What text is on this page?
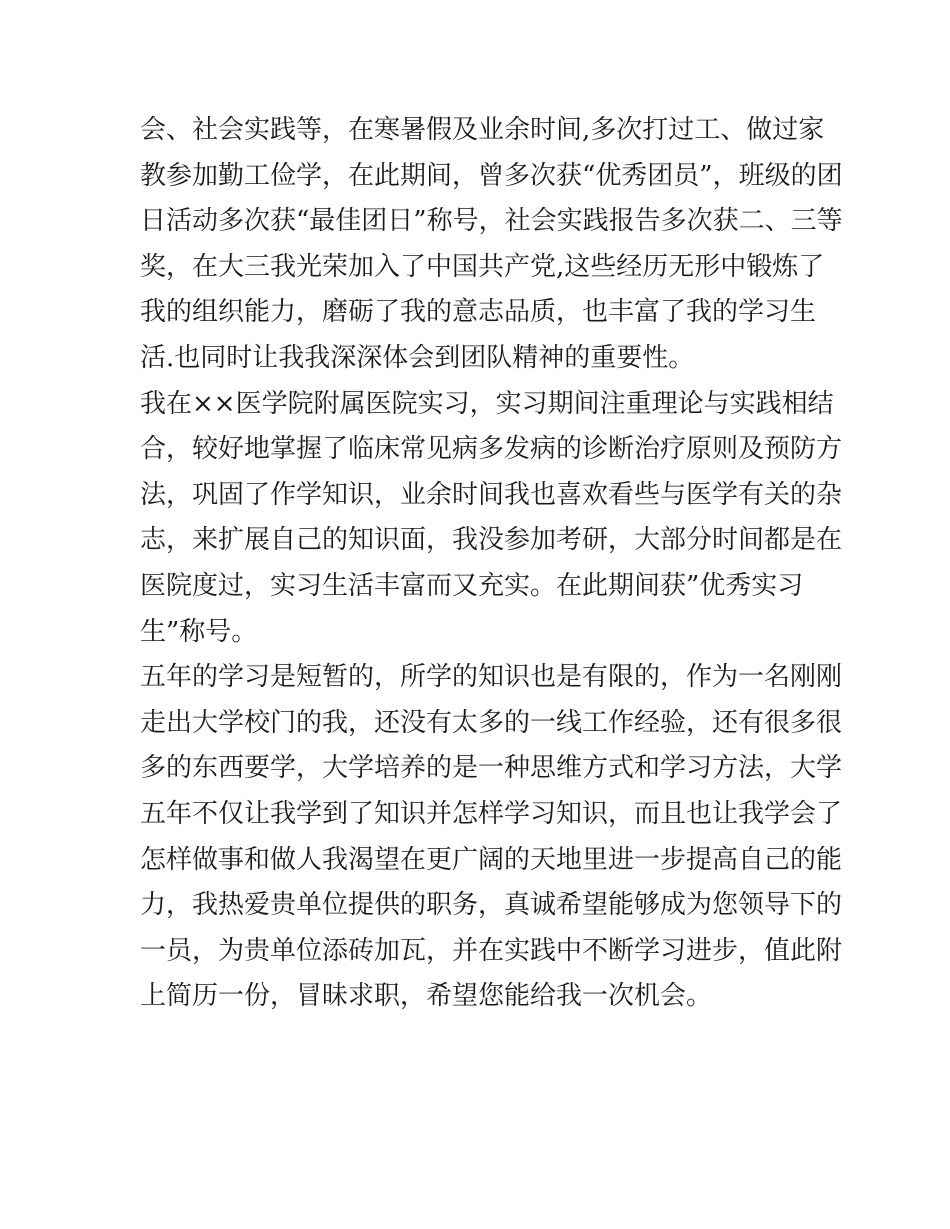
会、社会实践等，在寒暑假及业余时间,多次打过工、做过家
教参加勤工俭学，在此期间，曾多次获“优秀团员”，班级的团
日活动多次获“最佳团日”称号，社会实践报告多次获二、三等
奖，在大三我光荣加入了中国共产党,这些经历无形中锻炼了
我的组织能力，磨砺了我的意志品质，也丰富了我的学习生
活.也同时让我我深深体会到团队精神的重要性。
我在××医学院附属医院实习，实习期间注重理论与实践相结
合，较好地掌握了临床常见病多发病的诊断治疗原则及预防方
法，巩固了作学知识，业余时间我也喜欢看些与医学有关的杂
志，来扩展自己的知识面，我没参加考研，大部分时间都是在
医院度过，实习生活丰富而又充实。在此期间获”优秀实习
生”称号。
五年的学习是短暂的，所学的知识也是有限的，作为一名刚刚
走出大学校门的我，还没有太多的一线工作经验，还有很多很
多的东西要学，大学培养的是一种思维方式和学习方法，大学
五年不仅让我学到了知识并怎样学习知识，而且也让我学会了
怎样做事和做人我渴望在更广阔的天地里进一步提高自己的能
力，我热爱贵单位提供的职务，真诚希望能够成为您领导下的
一员，为贵单位添砖加瓦，并在实践中不断学习进步，值此附
上简历一份，冒昧求职，希望您能给我一次机会。
